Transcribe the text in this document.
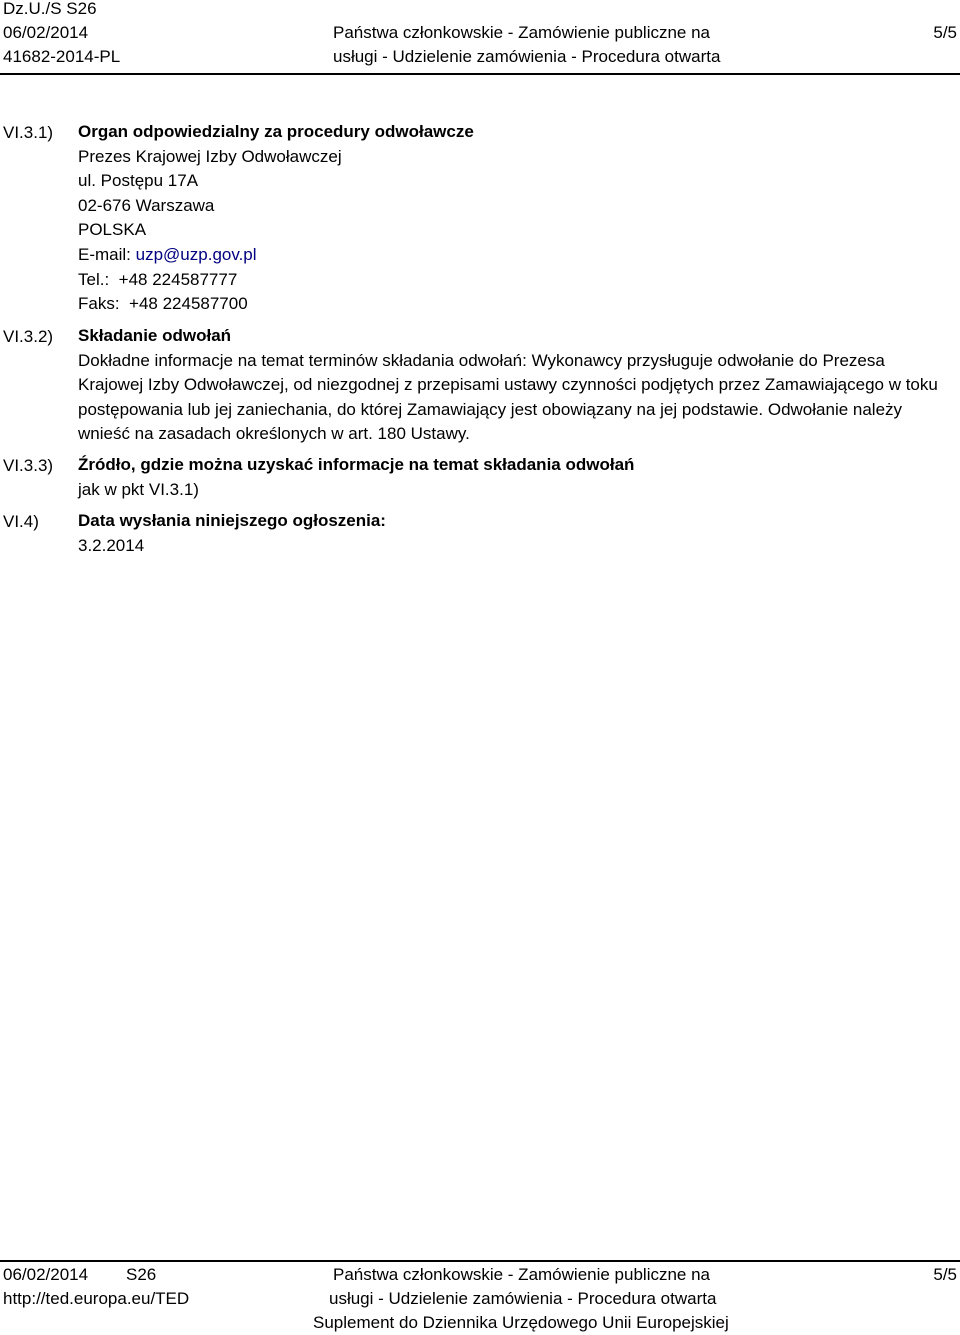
Dz.U./S S26
06/02/2014
41682-2014-PL
Państwa członkowskie - Zamówienie publiczne na
usługi - Udzielenie zamówienia - Procedura otwarta
5/5
VI.3.1) Organ odpowiedzialny za procedury odwoławcze
Prezes Krajowej Izby Odwoławczej
ul. Postępu 17A
02-676 Warszawa
POLSKA
E-mail: uzp@uzp.gov.pl
Tel.: +48 224587777
Faks: +48 224587700
VI.3.2) Składanie odwołań
Dokładne informacje na temat terminów składania odwołań: Wykonawcy przysługuje odwołanie do Prezesa Krajowej Izby Odwoławczej, od niezgodnej z przepisami ustawy czynności podjętych przez Zamawiającego w toku postępowania lub jej zaniechania, do której Zamawiający jest obowiązany na jej podstawie. Odwołanie należy wnieść na zasadach określonych w art. 180 Ustawy.
VI.3.3) Źródło, gdzie można uzyskać informacje na temat składania odwołań
jak w pkt VI.3.1)
VI.4) Data wysłania niniejszego ogłoszenia:
3.2.2014
06/02/2014 S26
http://ted.europa.eu/TED
Państwa członkowskie - Zamówienie publiczne na
usługi - Udzielenie zamówienia - Procedura otwarta
Suplement do Dziennika Urzędowego Unii Europejskiej
5/5
